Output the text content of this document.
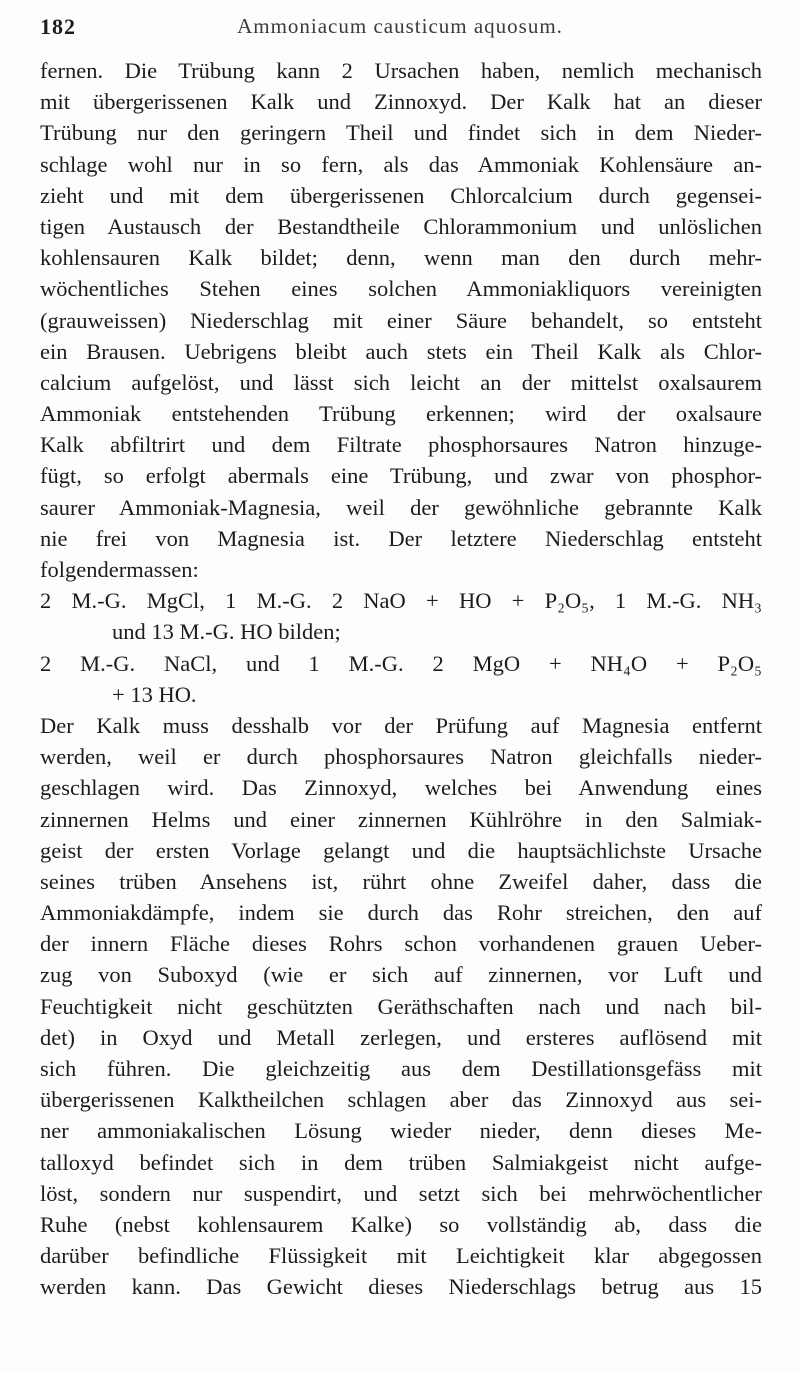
182	Ammoniacum causticum aquosum.
fernen. Die Trübung kann 2 Ursachen haben, nemlich mechanisch
mit übergerissenen Kalk und Zinnoxyd. Der Kalk hat an dieser
Trübung nur den geringern Theil und findet sich in dem Nieder-
schlage wohl nur in so fern, als das Ammoniak Kohlensäure an-
zieht und mit dem übergerissenen Chlorcalcium durch gegensei-
tigen Austausch der Bestandtheile Chlorammonium und unlöslichen
kohlensauren Kalk bildet; denn, wenn man den durch mehr-
wöchentliches Stehen eines solchen Ammoniakliquors vereinigten
(grauweissen) Niederschlag mit einer Säure behandelt, so entsteht
ein Brausen. Uebrigens bleibt auch stets ein Theil Kalk als Chlor-
calcium aufgelöst, und lässt sich leicht an der mittelst oxalsaurem
Ammoniak entstehenden Trübung erkennen; wird der oxalsaure
Kalk abfiltrirt und dem Filtrate phosphorsaures Natron hinzuge-
fügt, so erfolgt abermals eine Trübung, und zwar von phosphor-
saurer Ammoniak-Magnesia, weil der gewöhnliche gebrannte Kalk
nie frei von Magnesia ist. Der letztere Niederschlag entsteht
folgendermassen:
2 M.-G. MgCl, 1 M.-G. 2 NaO + HO + P₂O₅, 1 M.-G. NH₃
und 13 M.-G. HO bilden;
2 M.-G. NaCl, und 1 M.-G. 2 MgO + NH₄O + P₂O₅
+ 13 HO.
Der Kalk muss desshalb vor der Prüfung auf Magnesia entfernt
werden, weil er durch phosphorsaures Natron gleichfalls nieder-
geschlagen wird. Das Zinnoxyd, welches bei Anwendung eines
zinnernen Helms und einer zinnernen Kühlröhre in den Salmiak-
geist der ersten Vorlage gelangt und die hauptsächlichste Ursache
seines trüben Ansehens ist, rührt ohne Zweifel daher, dass die
Ammoniakdämpfe, indem sie durch das Rohr streichen, den auf
der innern Fläche dieses Rohrs schon vorhandenen grauen Ueber-
zug von Suboxyd (wie er sich auf zinnernen, vor Luft und
Feuchtigkeit nicht geschützten Geräthschaften nach und nach bil-
det) in Oxyd und Metall zerlegen, und ersteres auflösend mit
sich führen. Die gleichzeitig aus dem Destillationsgefäss mit
übergerissenen Kalktheilchen schlagen aber das Zinnoxyd aus sei-
ner ammoniakalischen Lösung wieder nieder, denn dieses Me-
talloxyd befindet sich in dem trüben Salmiakgeist nicht aufge-
löst, sondern nur suspendirt, und setzt sich bei mehrwöchentlicher
Ruhe (nebst kohlensaurem Kalke) so vollständig ab, dass die
darüber befindliche Flüssigkeit mit Leichtigkeit klar abgegossen
werden kann. Das Gewicht dieses Niederschlags betrug aus 15
